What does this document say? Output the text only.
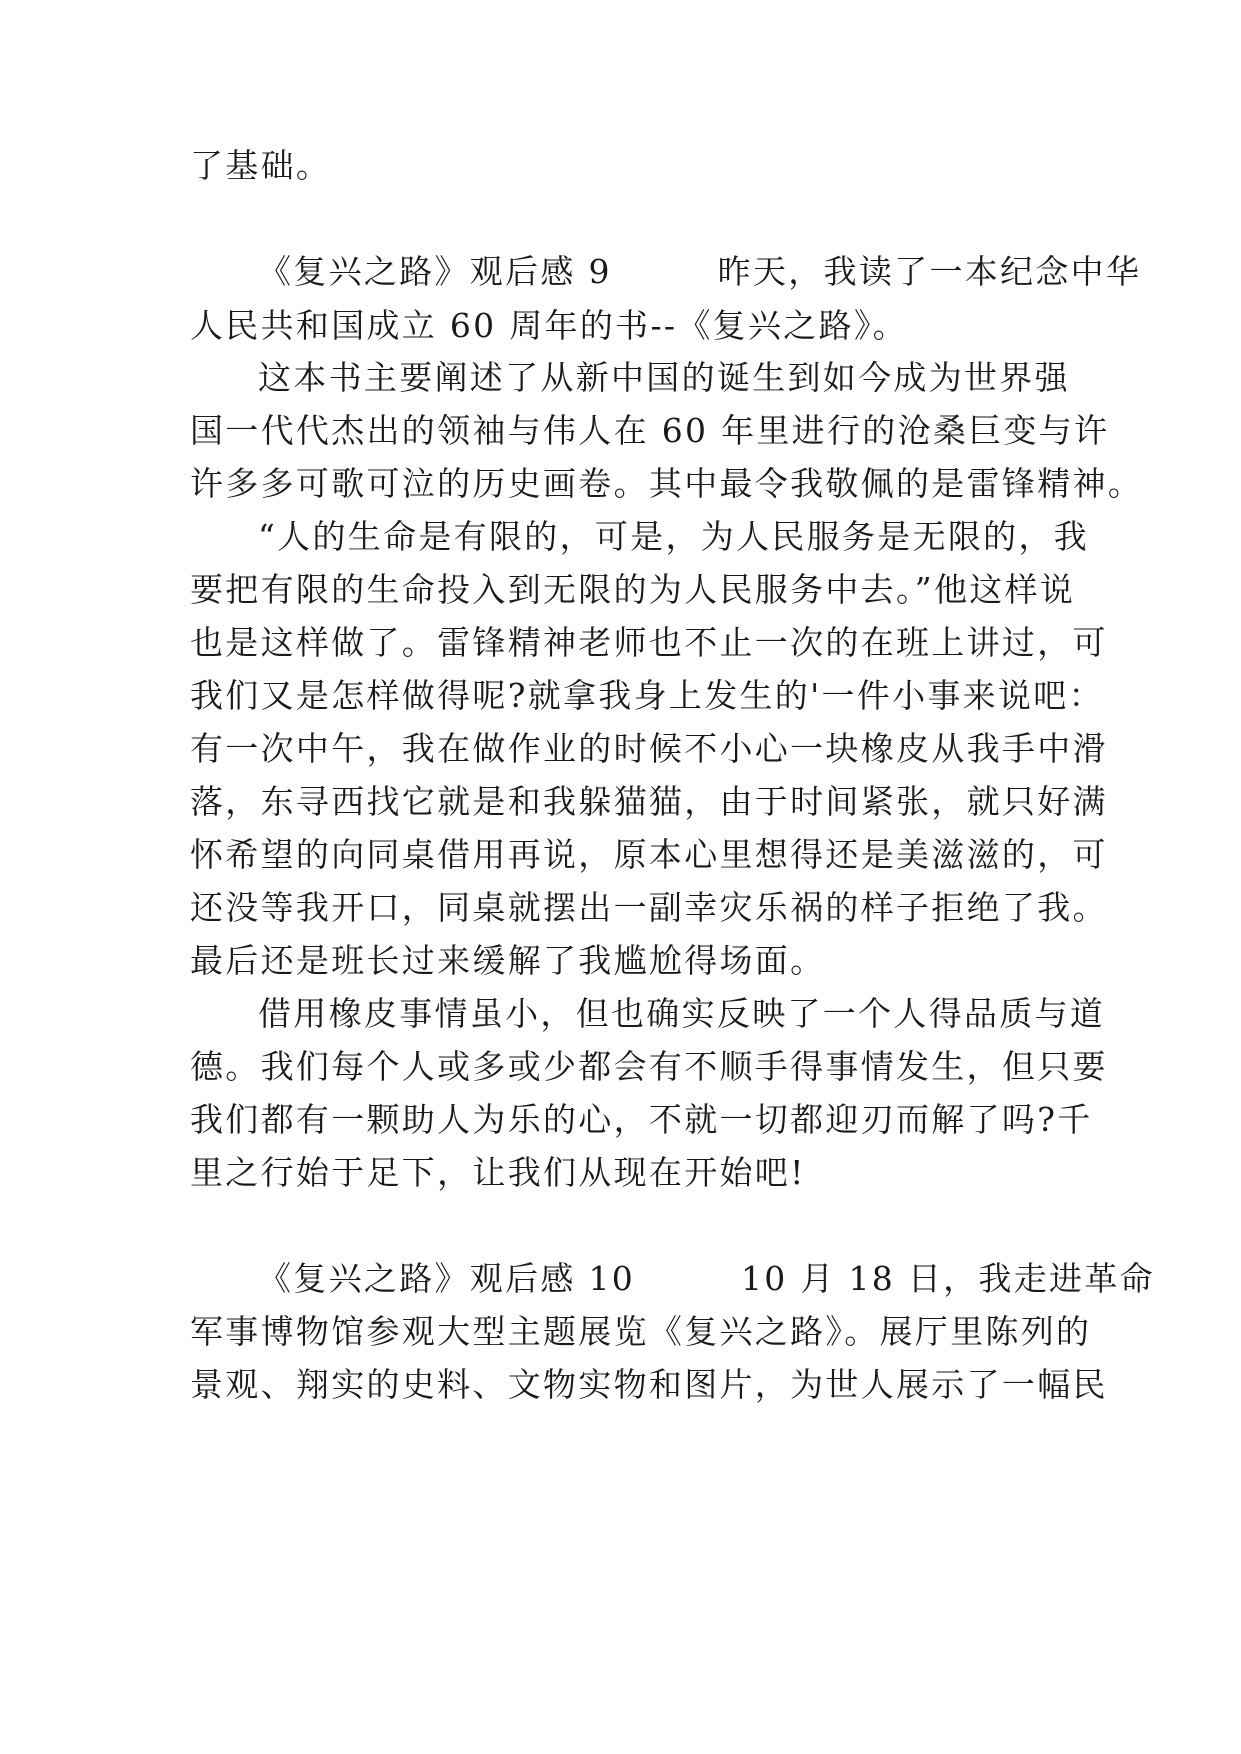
了基础。
《复兴之路》观后感 9　　　昨天，我读了一本纪念中华
人民共和国成立 60 周年的书--《复兴之路》。
这本书主要阐述了从新中国的诞生到如今成为世界强
国一代代杰出的领袖与伟人在 60 年里进行的沧桑巨变与许
许多多可歌可泣的历史画卷。其中最令我敬佩的是雷锋精神。
“人的生命是有限的，可是，为人民服务是无限的，我
要把有限的生命投入到无限的为人民服务中去。”他这样说
也是这样做了。雷锋精神老师也不止一次的在班上讲过，可
我们又是怎样做得呢?就拿我身上发生的'一件小事来说吧：
有一次中午，我在做作业的时候不小心一块橡皮从我手中滑
落，东寻西找它就是和我躲猫猫，由于时间紧张，就只好满
怀希望的向同桌借用再说，原本心里想得还是美滋滋的，可
还没等我开口，同桌就摆出一副幸灾乐祸的样子拒绝了我。
最后还是班长过来缓解了我尴尬得场面。
借用橡皮事情虽小，但也确实反映了一个人得品质与道
德。我们每个人或多或少都会有不顺手得事情发生，但只要
我们都有一颗助人为乐的心，不就一切都迎刃而解了吗?千
里之行始于足下，让我们从现在开始吧!
《复兴之路》观后感 10　　　10 月 18 日，我走进革命
军事博物馆参观大型主题展览《复兴之路》。展厅里陈列的
景观、翔实的史料、文物实物和图片，为世人展示了一幅民
